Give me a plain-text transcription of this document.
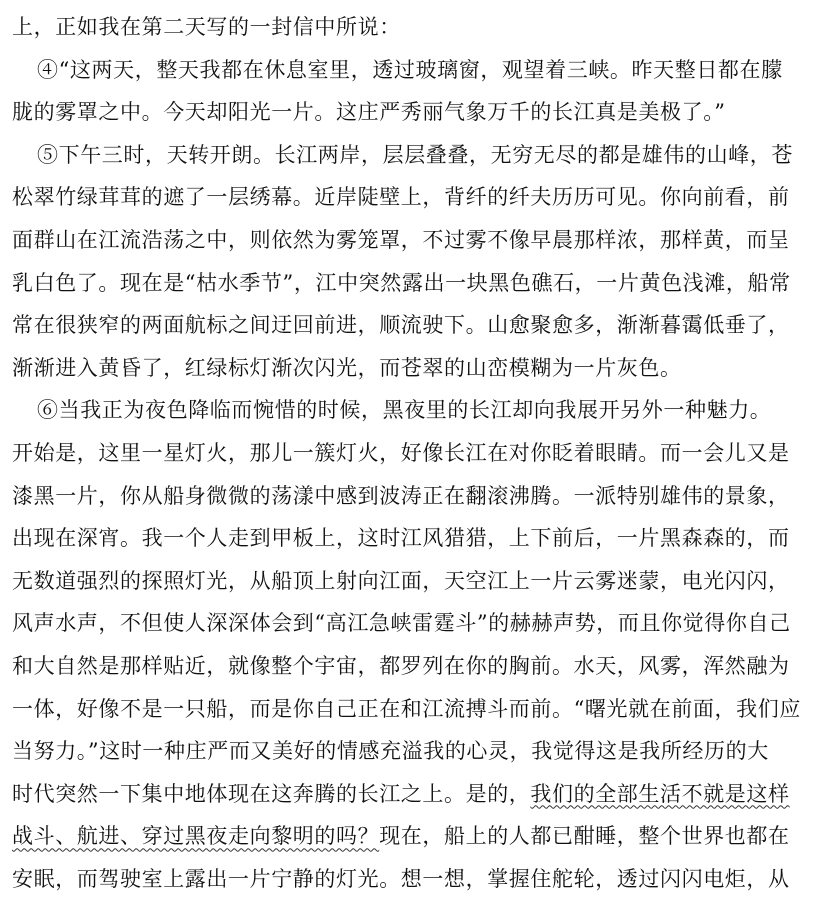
上，正如我在第二天写的一封信中所说：
④“这两天，整天我都在休息室里，透过玻璃窗，观望着三峡。昨天整日都在朦
胧的雾罩之中。今天却阳光一片。这庄严秀丽气象万千的长江真是美极了。”
⑤下午三时，天转开朗。长江两岸，层层叠叠，无穷无尽的都是雄伟的山峰，苍
松翠竹绿茸茸的遮了一层绣幕。近岸陡壁上，背纤的纤夫历历可见。你向前看，前
面群山在江流浩荡之中，则依然为雾笼罩，不过雾不像早晨那样浓，那样黄，而呈
乳白色了。现在是“枯水季节”，江中突然露出一块黑色礁石，一片黄色浅滩，船常
常在很狭窄的两面航标之间迂回前进，顺流驶下。山愈聚愈多，渐渐暮霭低垂了，
渐渐进入黄昏了，红绿标灯渐次闪光，而苍翠的山峦模糊为一片灰色。
⑥当我正为夜色降临而惋惜的时候，黑夜里的长江却向我展开另外一种魅力。
开始是，这里一星灯火，那儿一簇灯火，好像长江在对你眨着眼睛。而一会儿又是
漆黑一片，你从船身微微的荡漾中感到波涛正在翻滚沸腾。一派特别雄伟的景象，
出现在深宵。我一个人走到甲板上，这时江风猎猎，上下前后，一片黑森森的，而
无数道强烈的探照灯光，从船顶上射向江面，天空江上一片云雾迷蒙，电光闪闪，
风声水声，不但使人深深体会到“高江急峡雷霆斗”的赫赫声势，而且你觉得你自己
和大自然是那样贴近，就像整个宇宙，都罗列在你的胸前。水天，风雾，浑然融为
一体，好像不是一只船，而是你自己正在和江流搏斗而前。“曙光就在前面，我们应
当努力。”这时一种庄严而又美好的情感充溢我的心灵，我觉得这是我所经历的大
时代突然一下集中地体现在这奔腾的长江之上。是的，我们的全部生活不就是这样
战斗、航进、穿过黑夜走向黎明的吗？现在，船上的人都已酣睡，整个世界也都在
安眠，而驾驶室上露出一片宁静的灯光。想一想，掌握住舵轮，透过闪闪电炬，从
